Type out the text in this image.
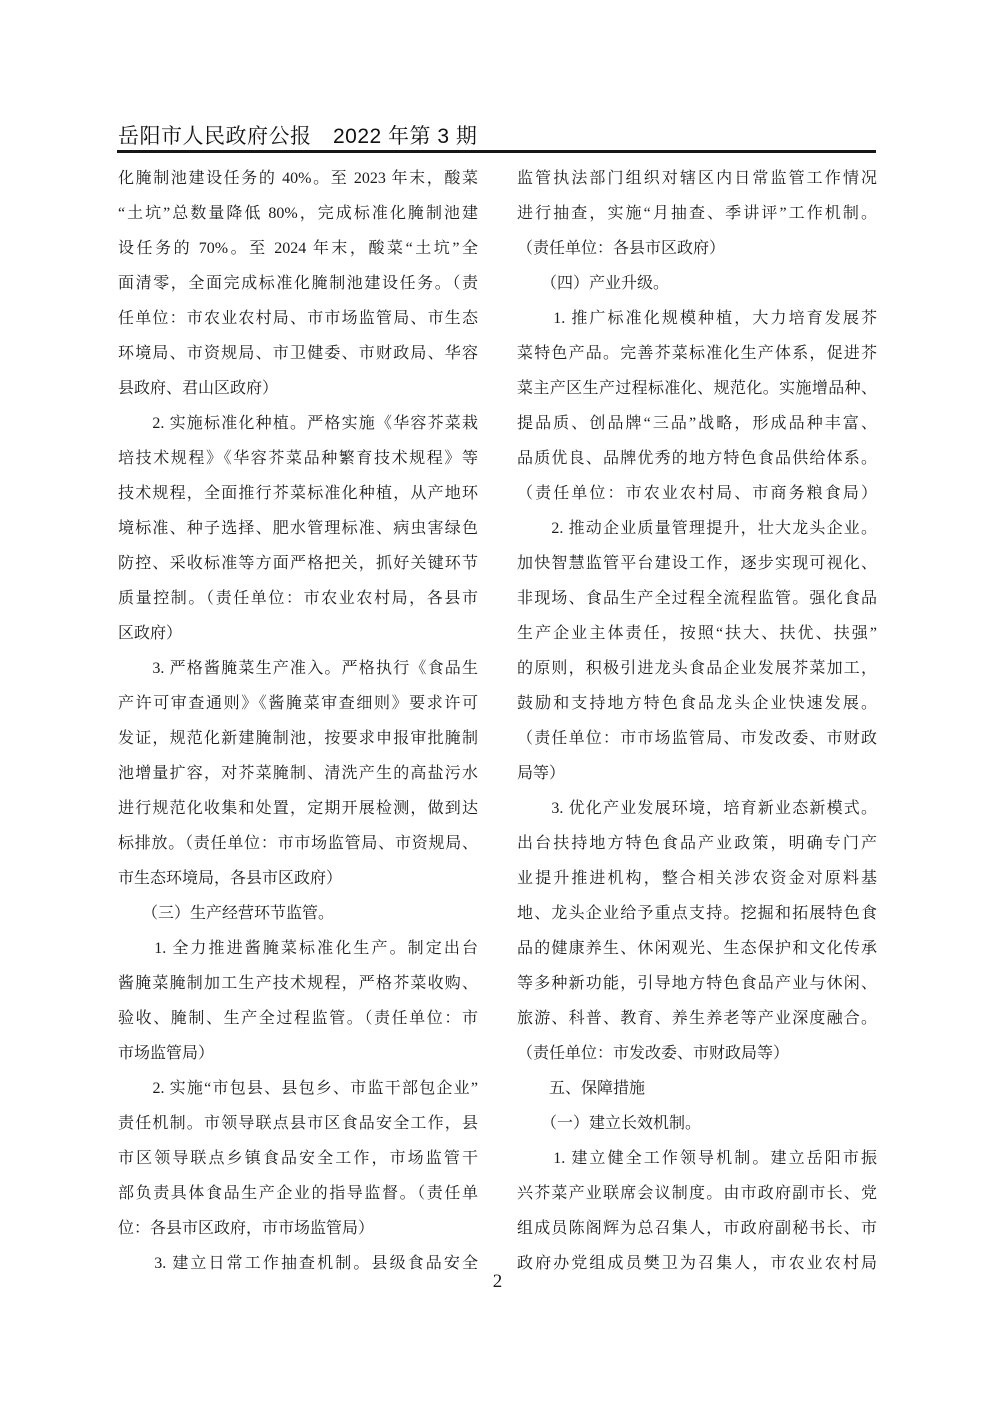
岳阳市人民政府公报　2022 年第 3 期
化腌制池建设任务的 40%。至 2023 年末，酸菜
“土坑”总数量降低 80%，完成标准化腌制池建
设任务的 70%。至 2024 年末，酸菜“土坑”全
面清零，全面完成标准化腌制池建设任务。（责
任单位：市农业农村局、市市场监管局、市生态
环境局、市资规局、市卫健委、市财政局、华容
县政府、君山区政府）
　　2. 实施标准化种植。严格实施《华容芥菜栽
培技术规程》《华容芥菜品种繁育技术规程》等
技术规程，全面推行芥菜标准化种植，从产地环
境标准、种子选择、肥水管理标准、病虫害绿色
防控、采收标准等方面严格把关，抓好关键环节
质量控制。（责任单位：市农业农村局，各县市
区政府）
　　3. 严格酱腌菜生产准入。严格执行《食品生
产许可审查通则》《酱腌菜审查细则》要求许可
发证，规范化新建腌制池，按要求申报审批腌制
池增量扩容，对芥菜腌制、清洗产生的高盐污水
进行规范化收集和处置，定期开展检测，做到达
标排放。（责任单位：市市场监管局、市资规局、
市生态环境局，各县市区政府）
　　（三）生产经营环节监管。
　　1. 全力推进酱腌菜标准化生产。制定出台
酱腌菜腌制加工生产技术规程，严格芥菜收购、
验收、腌制、生产全过程监管。（责任单位：市
市场监管局）
　　2. 实施“市包县、县包乡、市监干部包企业”
责任机制。市领导联点县市区食品安全工作，县
市区领导联点乡镇食品安全工作，市场监管干
部负责具体食品生产企业的指导监督。（责任单
位：各县市区政府，市市场监管局）
　　3. 建立日常工作抽查机制。县级食品安全
监管执法部门组织对辖区内日常监管工作情况
进行抽查，实施“月抽查、季讲评”工作机制。
（责任单位：各县市区政府）
　　（四）产业升级。
　　1. 推广标准化规模种植，大力培育发展芥
菜特色产品。完善芥菜标准化生产体系，促进芥
菜主产区生产过程标准化、规范化。实施增品种、
提品质、创品牌“三品”战略，形成品种丰富、
品质优良、品牌优秀的地方特色食品供给体系。
（责任单位：市农业农村局、市商务粮食局）
　　2. 推动企业质量管理提升，壮大龙头企业。
加快智慧监管平台建设工作，逐步实现可视化、
非现场、食品生产全过程全流程监管。强化食品
生产企业主体责任，按照“扶大、扶优、扶强”
的原则，积极引进龙头食品企业发展芥菜加工，
鼓励和支持地方特色食品龙头企业快速发展。
（责任单位：市市场监管局、市发改委、市财政
局等）
　　3. 优化产业发展环境，培育新业态新模式。
出台扶持地方特色食品产业政策，明确专门产
业提升推进机构，整合相关涉农资金对原料基
地、龙头企业给予重点支持。挖掘和拓展特色食
品的健康养生、休闲观光、生态保护和文化传承
等多种新功能，引导地方特色食品产业与休闲、
旅游、科普、教育、养生养老等产业深度融合。
（责任单位：市发改委、市财政局等）
　　五、保障措施
　　（一）建立长效机制。
　　1. 建立健全工作领导机制。建立岳阳市振
兴芥菜产业联席会议制度。由市政府副市长、党
组成员陈阁辉为总召集人，市政府副秘书长、市
政府办党组成员樊卫为召集人，市农业农村局
2
